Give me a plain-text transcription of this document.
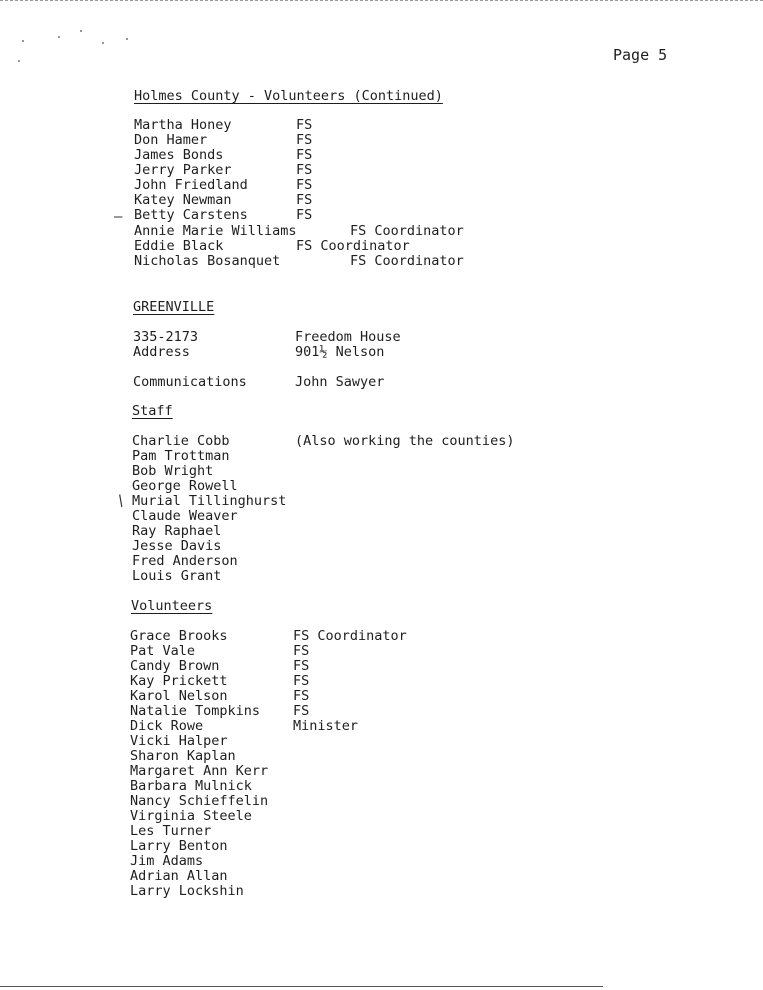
Page 5
Holmes County - Volunteers (Continued)
Martha Honey	FS
Don Hamer	FS
James Bonds	FS
Jerry Parker	FS
John Friedland	FS
Katey Newman	FS
Betty Carstens	FS
Annie Marie Williams	FS Coordinator
Eddie Black	FS Coordinator
Nicholas Bosanquet	FS Coordinator
–
GREENVILLE
335-2173	Freedom House
Address	901½ Nelson
Communications	John Sawyer
Staff
Charlie Cobb	(Also working the counties)
Pam Trottman
Bob Wright
George Rowell
Murial Tillinghurst
Claude Weaver
Ray Raphael
Jesse Davis
Fred Anderson
Louis Grant
/
Volunteers
Grace Brooks	FS Coordinator
Pat Vale	FS
Candy Brown	FS
Kay Prickett	FS
Karol Nelson	FS
Natalie Tompkins FS
Dick Rowe	Minister
Vicki Halper
Sharon Kaplan
Margaret Ann Kerr
Barbara Mulnick
Nancy Schieffelin
Virginia Steele
Les Turner
Larry Benton
Jim Adams
Adrian Allan
Larry Lockshin
